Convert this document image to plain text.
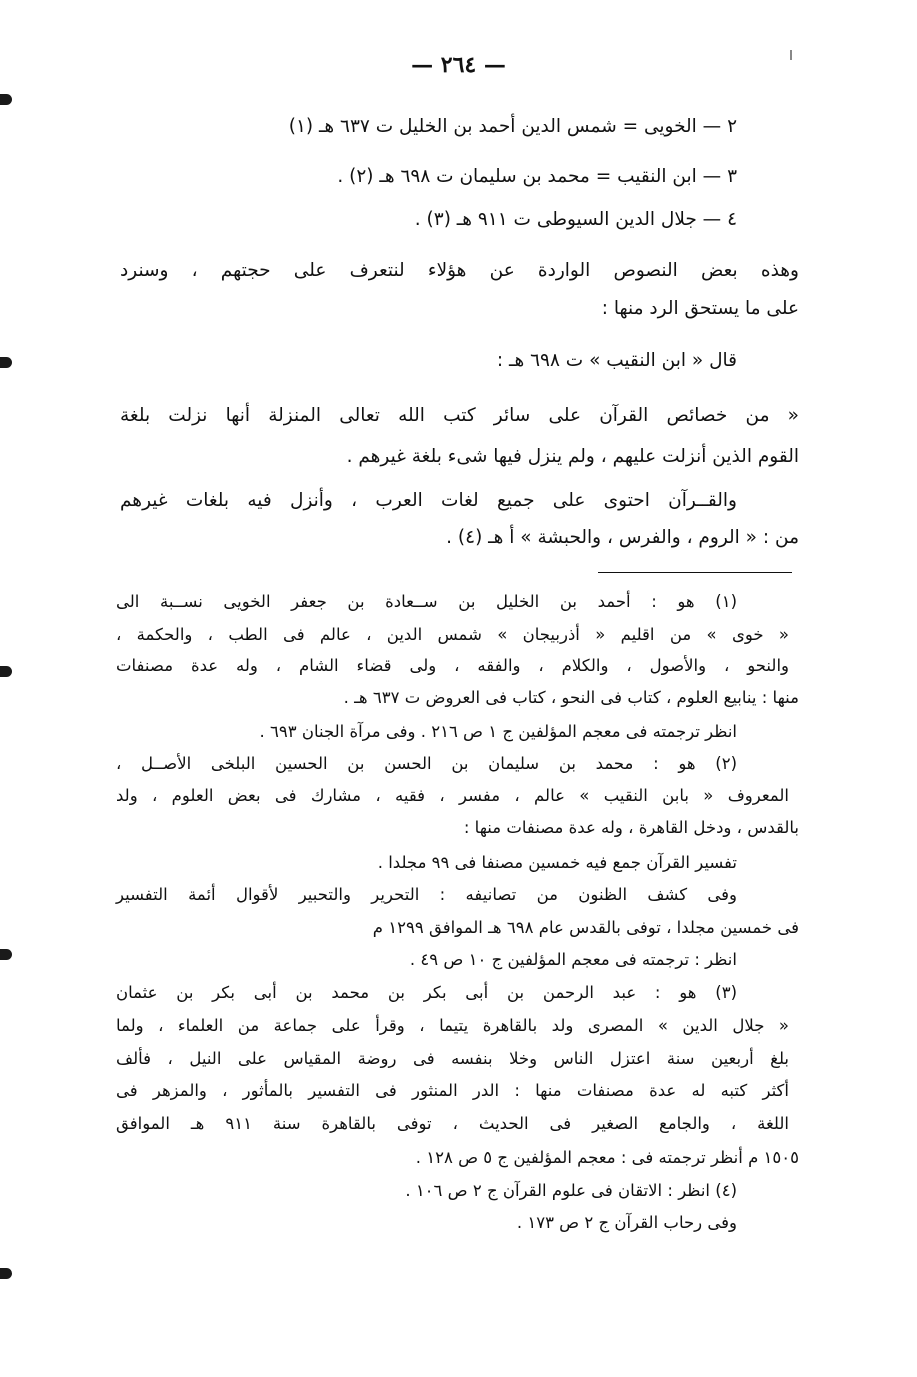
— ٢٦٤ —
٢ — الخويى = شمس الدين أحمد بن الخليل ت ٦٣٧ هـ (١)
٣ — ابن النقيب = محمد بن سليمان ت ٦٩٨ هـ (٢) .
٤ — جلال الدين السيوطى ت ٩١١ هـ (٣) .
وهذه بعض النصوص الواردة عن هؤلاء لنتعرف على حجتهم ، وسنرد
على ما يستحق الرد منها :
قال « ابن النقيب » ت ٦٩٨ هـ :
« من خصائص القرآن على سائر كتب الله تعالى المنزلة أنها نزلت بلغة
القوم الذين أنزلت عليهم ، ولم ينزل فيها شىء بلغة غيرهم .
والقــرآن احتوى على جميع لغات العرب ، وأنزل فيه بلغات غيرهم
من : « الروم ، والفرس ، والحبشة » أ هـ (٤) .
(١) هو : أحمد بن الخليل بن ســعادة بن جعفر الخويى نســبة الى
« خوى » من اقليم « أذربيجان » شمس الدين ، عالم فى الطب ، والحكمة ،
والنحو ، والأصول ، والكلام ، والفقه ، ولى قضاء الشام ، وله عدة مصنفات
منها : ينابيع العلوم ، كتاب فى النحو ، كتاب فى العروض ت ٦٣٧ هـ .
انظر ترجمته فى معجم المؤلفين ج ١ ص ٢١٦ . وفى مرآة الجنان ٦٩٣ .
(٢) هو : محمد بن سليمان بن الحسن بن الحسين البلخى الأصــل ،
المعروف « بابن النقيب » عالم ، مفسر ، فقيه ، مشارك فى بعض العلوم ، ولد
بالقدس ، ودخل القاهرة ، وله عدة مصنفات منها :
تفسير القرآن جمع فيه خمسين مصنفا فى ٩٩ مجلدا .
وفى كشف الظنون من تصانيفه : التحرير والتحبير لأقوال أئمة التفسير
فى خمسين مجلدا ، توفى بالقدس عام ٦٩٨ هـ الموافق ١٢٩٩ م
انظر : ترجمته فى معجم المؤلفين ج ١٠ ص ٤٩ .
(٣) هو : عبد الرحمن بن أبى بكر بن محمد بن أبى بكر بن عثمان
« جلال الدين » المصرى ولد بالقاهرة يتيما ، وقرأ على جماعة من العلماء ، ولما
بلغ أربعين سنة اعتزل الناس وخلا بنفسه فى روضة المقياس على النيل ، فألف
أكثر كتبه له عدة مصنفات منها : الدر المنثور فى التفسير بالمأثور ، والمزهر فى
اللغة ، والجامع الصغير فى الحديث ، توفى بالقاهرة سنة ٩١١ هـ الموافق
١٥٠٥ م أنظر ترجمته فى : معجم المؤلفين ج ٥ ص ١٢٨ .
(٤) انظر : الاتقان فى علوم القرآن ج ٢ ص ١٠٦ .
وفى رحاب القرآن ج ٢ ص ١٧٣ .
